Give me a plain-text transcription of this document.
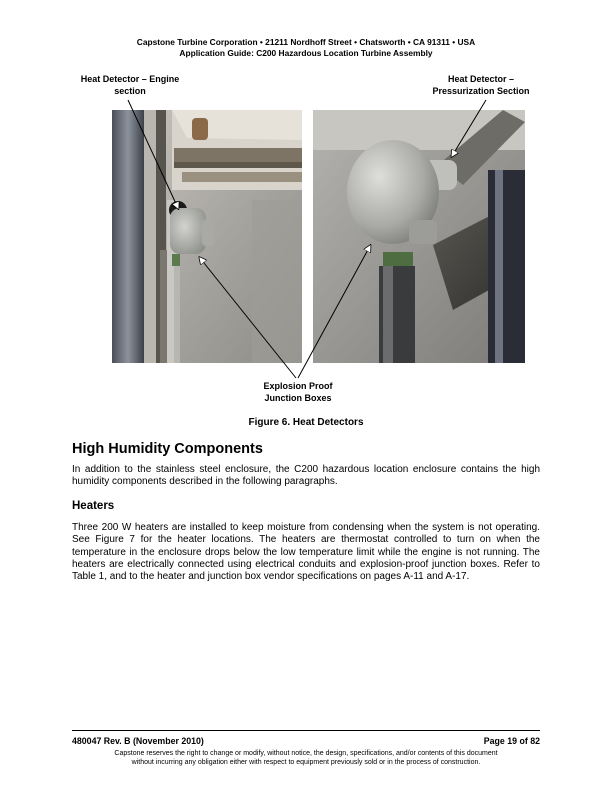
Capstone Turbine Corporation • 21211 Nordhoff Street • Chatsworth • CA 91311 • USA
Application Guide: C200 Hazardous Location Turbine Assembly
Heat Detector – Engine section
Heat Detector – Pressurization Section
Explosion Proof Junction Boxes
Figure 6. Heat Detectors
High Humidity Components

In addition to the stainless steel enclosure, the C200 hazardous location enclosure contains the high humidity components described in the following paragraphs.

Heaters

Three 200 W heaters are installed to keep moisture from condensing when the system is not operating. See Figure 7 for the heater locations. The heaters are thermostat controlled to turn on when the temperature in the enclosure drops below the low temperature limit while the engine is not running. The heaters are electrically connected using electrical conduits and explosion-proof junction boxes. Refer to Table 1, and to the heater and junction box vendor specifications on pages A-11 and A-17.

480047 Rev. B (November 2010)	Page 19 of 82
Capstone reserves the right to change or modify, without notice, the design, specifications, and/or contents of this document
without incurring any obligation either with respect to equipment previously sold or in the process of construction.
